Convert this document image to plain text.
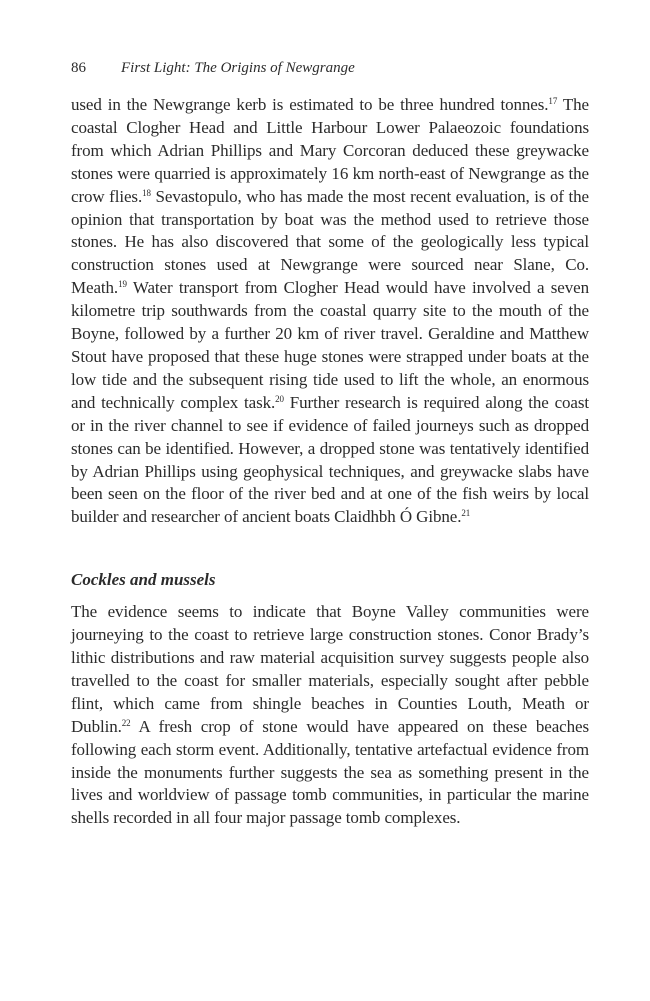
86 First Light: The Origins of Newgrange

used in the Newgrange kerb is estimated to be three hundred tonnes.$^{17}$ The coastal Clogher Head and Little Harbour Lower Palaeozoic foundations from which Adrian Phillips and Mary Corcoran deduced these greywacke stones were quarried is approximately 16 km north-east of Newgrange as the crow flies.$^{18}$ Sevastopulo, who has made the most recent evaluation, is of the opinion that transportation by boat was the method used to retrieve those stones. He has also discovered that some of the geologically less typical construction stones used at Newgrange were sourced near Slane, Co. Meath.$^{19}$ Water transport from Clogher Head would have involved a seven kilometre trip southwards from the coastal quarry site to the mouth of the Boyne, followed by a further 20 km of river travel. Geraldine and Matthew Stout have proposed that these huge stones were strapped under boats at the low tide and the subsequent rising tide used to lift the whole, an enormous and technically complex task.$^{20}$ Further research is required along the coast or in the river channel to see if evidence of failed journeys such as dropped stones can be identified. However, a dropped stone was tentatively identified by Adrian Phillips using geophysical techniques, and greywacke slabs have been seen on the floor of the river bed and at one of the fish weirs by local builder and researcher of ancient boats Claidhbh Ó Gibne.$^{21}$

Cockles and mussels

The evidence seems to indicate that Boyne Valley communities were journeying to the coast to retrieve large construction stones. Conor Brady’s lithic distributions and raw material acquisition survey suggests people also travelled to the coast for smaller materials, especially sought after pebble flint, which came from shingle beaches in Counties Louth, Meath or Dublin.$^{22}$ A fresh crop of stone would have appeared on these beaches following each storm event. Additionally, tentative artefactual evidence from inside the monuments further suggests the sea as something present in the lives and worldview of passage tomb communities, in particular the marine shells recorded in all four major passage tomb complexes.
